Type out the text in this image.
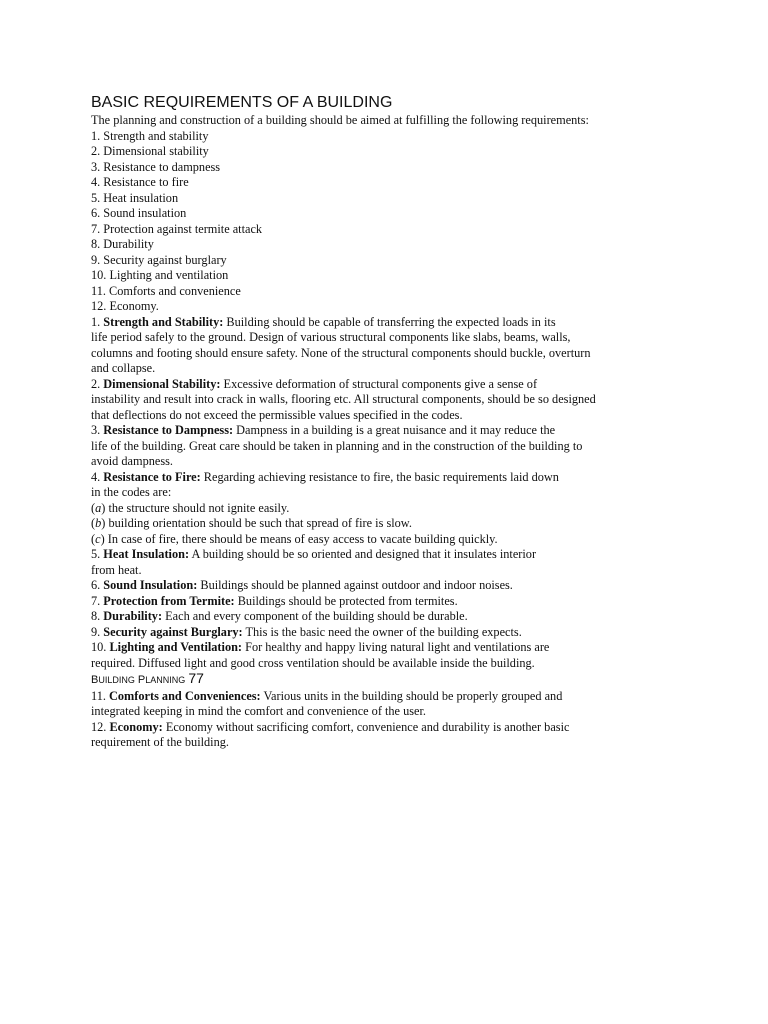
BASIC REQUIREMENTS OF A BUILDING
The planning and construction of a building should be aimed at fulfilling the following requirements:
1. Strength and stability
2. Dimensional stability
3. Resistance to dampness
4. Resistance to fire
5. Heat insulation
6. Sound insulation
7. Protection against termite attack
8. Durability
9. Security against burglary
10. Lighting and ventilation
11. Comforts and convenience
12. Economy.
1. Strength and Stability: Building should be capable of transferring the expected loads in its
life period safely to the ground. Design of various structural components like slabs, beams, walls,
columns and footing should ensure safety. None of the structural components should buckle, overturn
and collapse.
2. Dimensional Stability: Excessive deformation of structural components give a sense of
instability and result into crack in walls, flooring etc. All structural components, should be so designed
that deflections do not exceed the permissible values specified in the codes.
3. Resistance to Dampness: Dampness in a building is a great nuisance and it may reduce the
life of the building. Great care should be taken in planning and in the construction of the building to
avoid dampness.
4. Resistance to Fire: Regarding achieving resistance to fire, the basic requirements laid down
in the codes are:
(a) the structure should not ignite easily.
(b) building orientation should be such that spread of fire is slow.
(c) In case of fire, there should be means of easy access to vacate building quickly.
5. Heat Insulation: A building should be so oriented and designed that it insulates interior
from heat.
6. Sound Insulation: Buildings should be planned against outdoor and indoor noises.
7. Protection from Termite: Buildings should be protected from termites.
8. Durability: Each and every component of the building should be durable.
9. Security against Burglary: This is the basic need the owner of the building expects.
10. Lighting and Ventilation: For healthy and happy living natural light and ventilations are
required. Diffused light and good cross ventilation should be available inside the building.
BUILDING PLANNING 77
11. Comforts and Conveniences: Various units in the building should be properly grouped and
integrated keeping in mind the comfort and convenience of the user.
12. Economy: Economy without sacrificing comfort, convenience and durability is another basic
requirement of the building.
